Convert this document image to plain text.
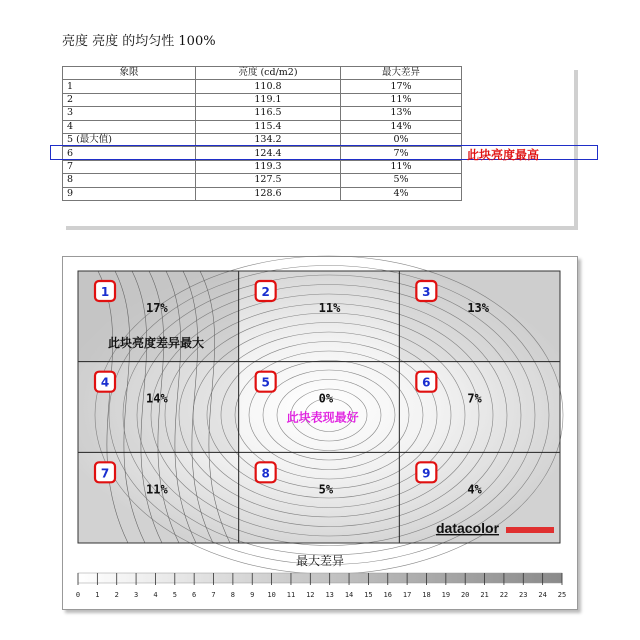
亮度 亮度 的均匀性 100%
象限	亮度 (cd/m2)	最大差异
1	110.8	17%
2	119.1	11%
3	116.5	13%
4	115.4	14%
5 (最大值)	134.2	0%
6	124.4	7%
7	119.3	11%
8	127.5	5%
9	128.6	4%
此块亮度最高
1
17%
2
11%
3
13%
4
14%
5
0%
6
7%
7
11%
8
5%
9
4%
此块亮度差异最大
此块表现最好
datacolor
最大差异
0 1 2 3 4 5 6 7 8 9 10 11 12 13 14 15 16 17 18 19 20 21 22 23 24 25
